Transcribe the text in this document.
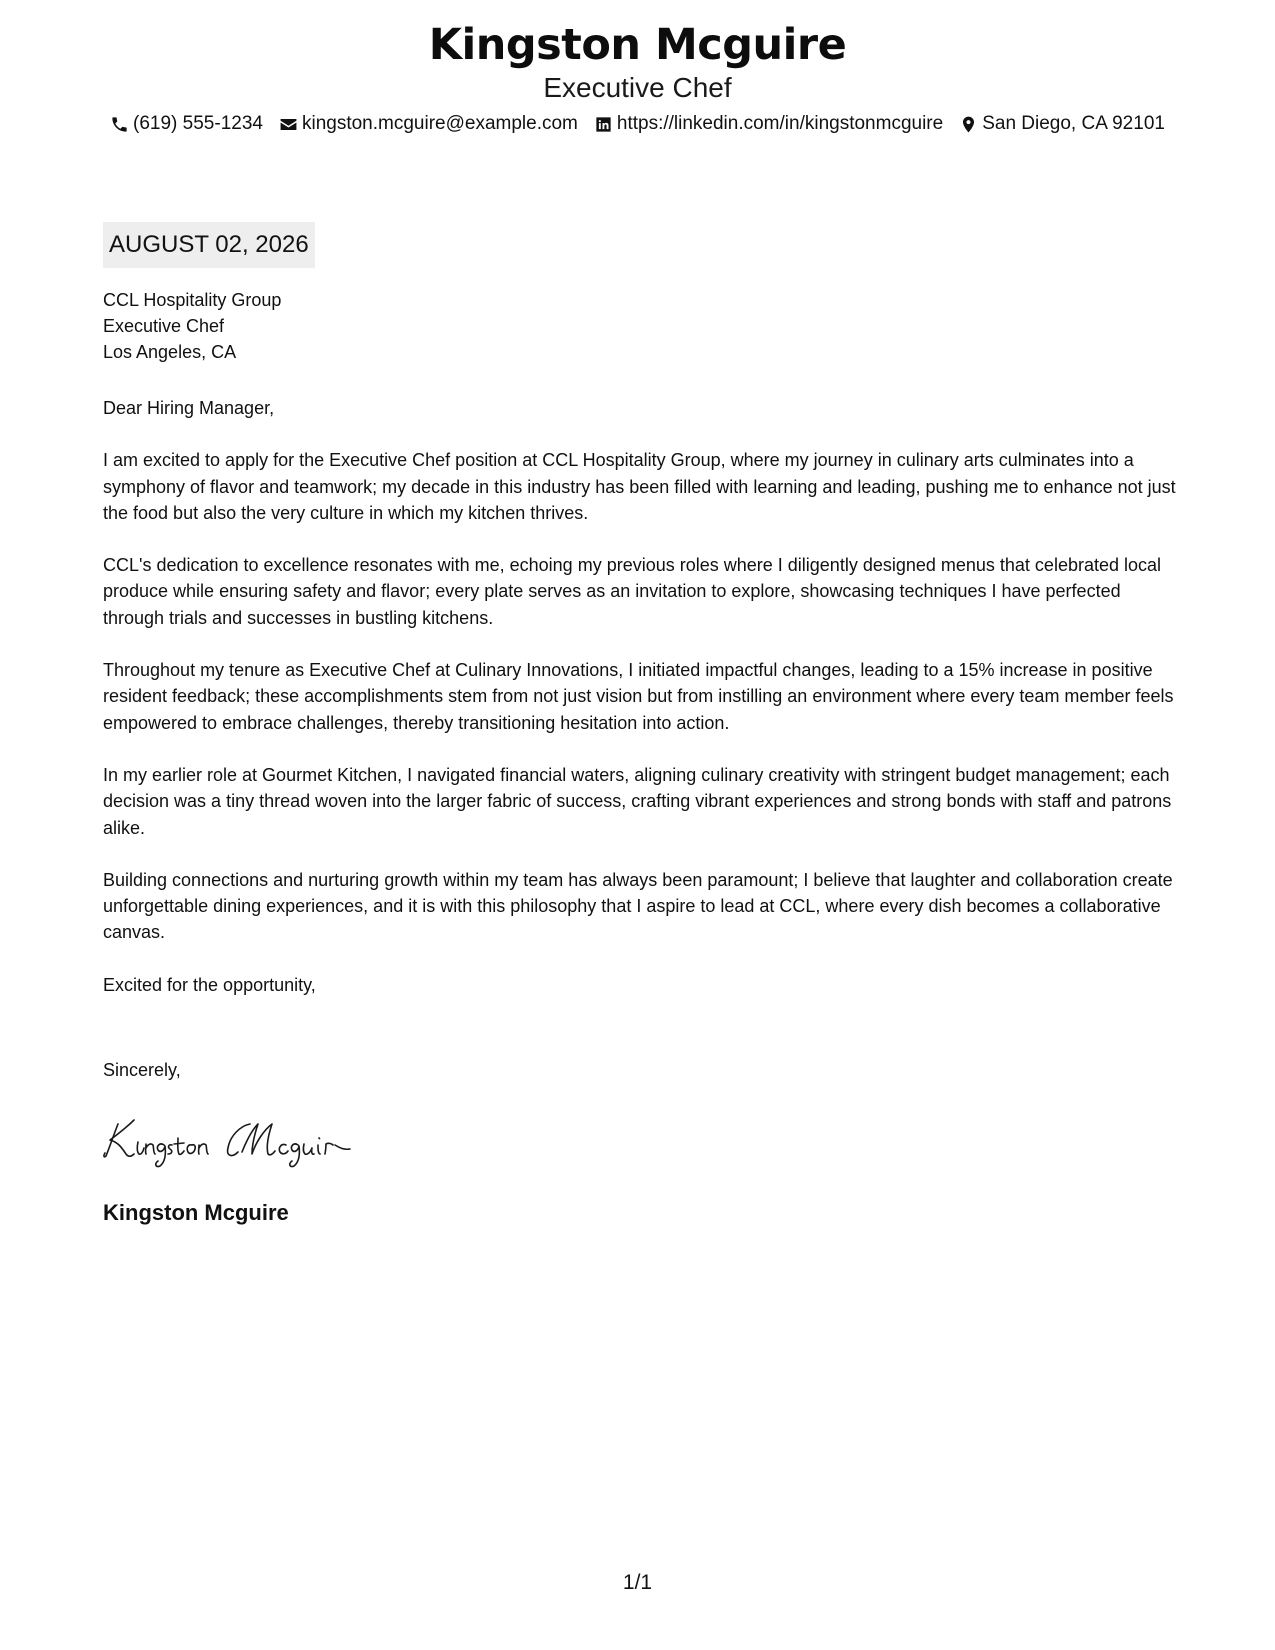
Kingston Mcguire
Executive Chef
(619) 555-1234 kingston.mcguire@example.com https://linkedin.com/in/kingstonmcguire San Diego, CA 92101
AUGUST 02, 2026
CCL Hospitality Group
Executive Chef
Los Angeles, CA

Dear Hiring Manager,

I am excited to apply for the Executive Chef position at CCL Hospitality Group, where my journey in culinary arts culminates into a symphony of flavor and teamwork; my decade in this industry has been filled with learning and leading, pushing me to enhance not just the food but also the very culture in which my kitchen thrives.

CCL's dedication to excellence resonates with me, echoing my previous roles where I diligently designed menus that celebrated local produce while ensuring safety and flavor; every plate serves as an invitation to explore, showcasing techniques I have perfected through trials and successes in bustling kitchens.

Throughout my tenure as Executive Chef at Culinary Innovations, I initiated impactful changes, leading to a 15% increase in positive resident feedback; these accomplishments stem from not just vision but from instilling an environment where every team member feels empowered to embrace challenges, thereby transitioning hesitation into action.

In my earlier role at Gourmet Kitchen, I navigated financial waters, aligning culinary creativity with stringent budget management; each decision was a tiny thread woven into the larger fabric of success, crafting vibrant experiences and strong bonds with staff and patrons alike.

Building connections and nurturing growth within my team has always been paramount; I believe that laughter and collaboration create unforgettable dining experiences, and it is with this philosophy that I aspire to lead at CCL, where every dish becomes a collaborative canvas.

Excited for the opportunity,

Sincerely,
Kingston Mcguire
1/1
